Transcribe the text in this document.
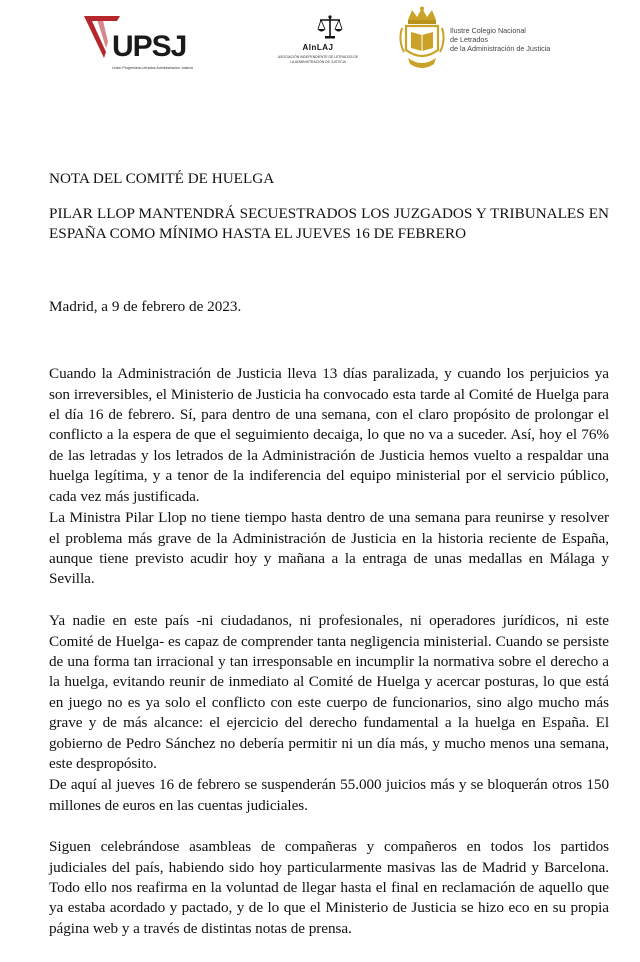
UPSJ
Unión Progresista Letrados Administración Justicia
AInLAJ
ASOCIACIÓN INDEPENDIENTE DE LETRADOS DE LA ADMINISTRACIÓN DE JUSTICIA
Ilustre Colegio Nacional
de Letrados
de la Administración de Justicia
NOTA DEL COMITÉ DE HUELGA
PILAR LLOP MANTENDRÁ SECUESTRADOS LOS JUZGADOS Y TRIBUNALES EN ESPAÑA COMO MÍNIMO HASTA EL JUEVES 16 DE FEBRERO
Madrid, a 9 de febrero de 2023.

Cuando la Administración de Justicia lleva 13 días paralizada, y cuando los perjuicios ya son irreversibles, el Ministerio de Justicia ha convocado esta tarde al Comité de Huelga para el día 16 de febrero. Sí, para dentro de una semana, con el claro propósito de prolongar el conflicto a la espera de que el seguimiento decaiga, lo que no va a suceder. Así, hoy el 76% de las letradas y los letrados de la Administración de Justicia hemos vuelto a respaldar una huelga legítima, y a tenor de la indiferencia del equipo ministerial por el servicio público, cada vez más justificada.

La Ministra Pilar Llop no tiene tiempo hasta dentro de una semana para reunirse y resolver el problema más grave de la Administración de Justicia en la historia reciente de España, aunque tiene previsto acudir hoy y mañana a la entraga de unas medallas en Málaga y Sevilla.

Ya nadie en este país -ni ciudadanos, ni profesionales, ni operadores jurídicos, ni este Comité de Huelga- es capaz de comprender tanta negligencia ministerial. Cuando se persiste de una forma tan irracional y tan irresponsable en incumplir la normativa sobre el derecho a la huelga, evitando reunir de inmediato al Comité de Huelga y acercar posturas, lo que está en juego no es ya solo el conflicto con este cuerpo de funcionarios, sino algo mucho más grave y de más alcance: el ejercicio del derecho fundamental a la huelga en España. El gobierno de Pedro Sánchez no debería permitir ni un día más, y mucho menos una semana, este despropósito.

De aquí al jueves 16 de febrero se suspenderán 55.000 juicios más y se bloquerán otros 150 millones de euros en las cuentas judiciales.

Siguen celebrándose asambleas de compañeras y compañeros en todos los partidos judiciales del país, habiendo sido hoy particularmente masivas las de Madrid y Barcelona. Todo ello nos reafirma en la voluntad de llegar hasta el final en reclamación de aquello que ya estaba acordado y pactado, y de lo que el Ministerio de Justicia se hizo eco en su propia página web y a través de distintas notas de prensa.
